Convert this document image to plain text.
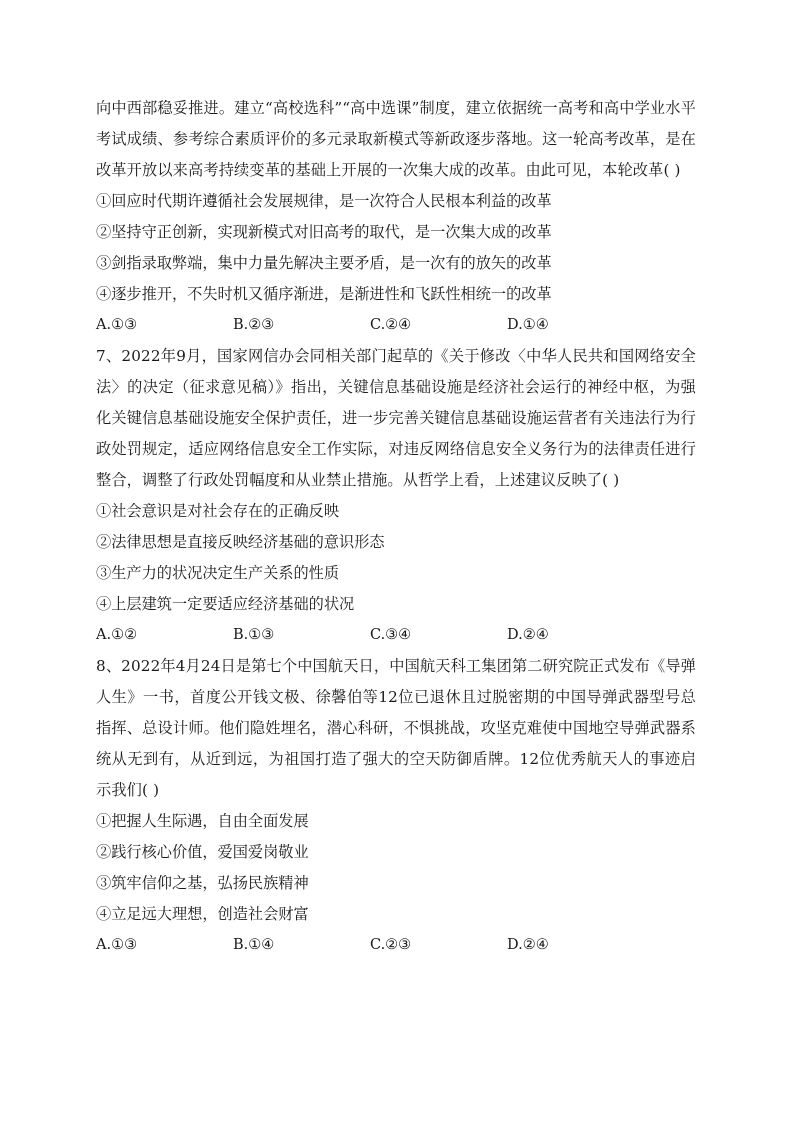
向中西部稳妥推进。建立“高校选科”“高中选课”制度，建立依据统一高考和高中学业水平考试成绩、参考综合素质评价的多元录取新模式等新政逐步落地。这一轮高考改革，是在改革开放以来高考持续变革的基础上开展的一次集大成的改革。由此可见，本轮改革( )

①回应时代期许遵循社会发展规律，是一次符合人民根本利益的改革

②坚持守正创新，实现新模式对旧高考的取代，是一次集大成的改革

③剑指录取弊端，集中力量先解决主要矛盾，是一次有的放矢的改革

④逐步推开，不失时机又循序渐进，是渐进性和飞跃性相统一的改革

A.①③	B.②③	C.②④	D.①④

7、2022年9月，国家网信办会同相关部门起草的《关于修改〈中华人民共和国网络安全法〉的决定（征求意见稿）》指出，关键信息基础设施是经济社会运行的神经中枢，为强化关键信息基础设施安全保护责任，进一步完善关键信息基础设施运营者有关违法行为行政处罚规定，适应网络信息安全工作实际，对违反网络信息安全义务行为的法律责任进行整合，调整了行政处罚幅度和从业禁止措施。从哲学上看，上述建议反映了( )

①社会意识是对社会存在的正确反映

②法律思想是直接反映经济基础的意识形态

③生产力的状况决定生产关系的性质

④上层建筑一定要适应经济基础的状况

A.①②	B.①③	C.③④	D.②④

8、2022年4月24日是第七个中国航天日，中国航天科工集团第二研究院正式发布《导弹人生》一书，首度公开钱文极、徐馨伯等12位已退休且过脱密期的中国导弹武器型号总指挥、总设计师。他们隐姓埋名，潜心科研，不惧挑战，攻坚克难使中国地空导弹武器系统从无到有，从近到远，为祖国打造了强大的空天防御盾牌。12位优秀航天人的事迹启示我们( )

①把握人生际遇，自由全面发展

②践行核心价值，爱国爱岗敬业

③筑牢信仰之基，弘扬民族精神

④立足远大理想，创造社会财富

A.①③	B.①④	C.②③	D.②④
